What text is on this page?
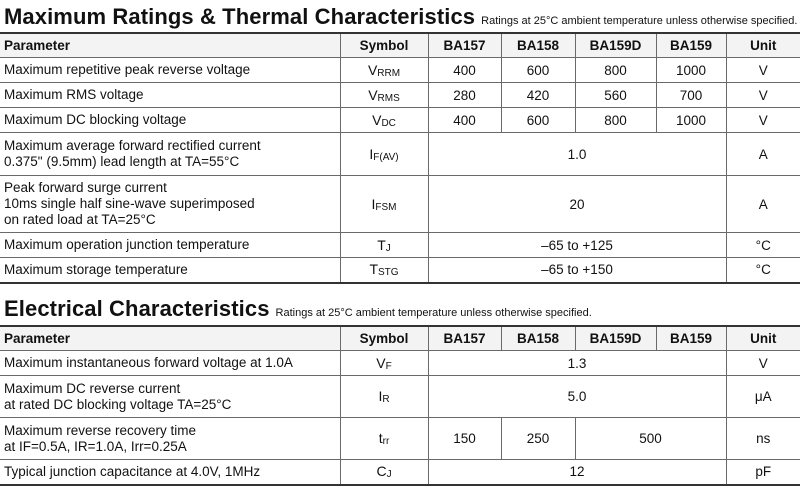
Maximum Ratings & Thermal Characteristics Ratings at 25°C ambient temperature unless otherwise specified.
Parameter	Symbol	BA157	BA158	BA159D	BA159	Unit

Maximum repetitive peak reverse voltage	$V_{RRM}$	400	600	800	1000	V

Maximum RMS voltage	$V_{RMS}$	280	420	560	700	V

Maximum DC blocking voltage	$V_{DC}$	400	600	800	1000	V

Maximum average forward rectified current
0.375" (9.5mm) lead length at TA=55°C	$I_{F(AV)}$	1.0				A

Peak forward surge current
10ms single half sine-wave superimposed
on rated load at TA=25°C	$I_{FSM}$	20				A

Maximum operation junction temperature	$T_J$	–65 to +125				°C

Maximum storage temperature	$T_{STG}$	–65 to +150				°C
Electrical Characteristics Ratings at 25°C ambient temperature unless otherwise specified.
Parameter	Symbol	BA157	BA158	BA159D	BA159	Unit

Maximum instantaneous forward voltage at 1.0A	$V_F$	1.3				V

Maximum DC reverse current
at rated DC blocking voltage TA=25°C	$I_R$	5.0				μA

Maximum reverse recovery time
at IF=0.5A, IR=1.0A, Irr=0.25A	$t_{rr}$	150	250	500		ns

Typical junction capacitance at 4.0V, 1MHz	$C_J$	12				pF
